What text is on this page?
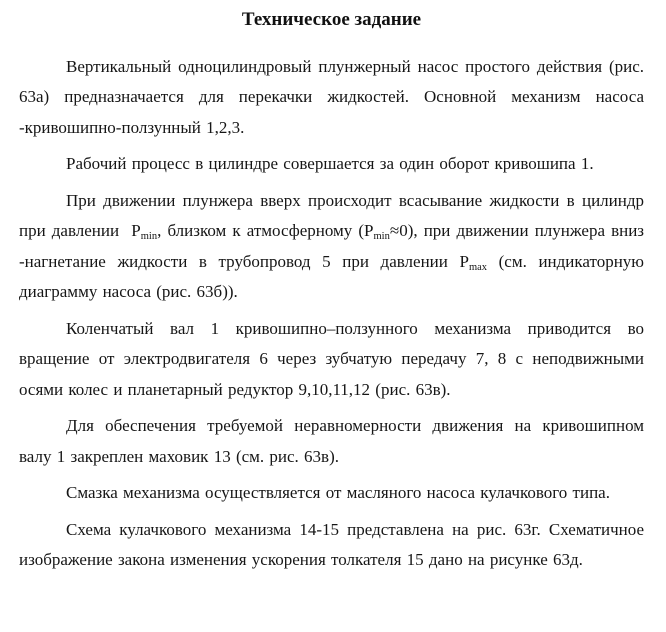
Техническое задание

Вертикальный одноцилиндровый плунжерный насос простого действия (рис. 63а) предназначается для перекачки жидкостей. Основной механизм насоса -кривошипно-ползунный 1,2,3.

Рабочий процесс в цилиндре совершается за один оборот кривошипа 1.

При движении плунжера вверх происходит всасывание жидкости в цилиндр при давлении $P_{min}$, близком к атмосферному $(P_{min}\approx 0)$, при движении плунжера вниз -нагнетание жидкости в трубопровод 5 при давлении $P_{max}$ (см. индикаторную диаграмму насоса (рис. 63б)).

Коленчатый вал 1 кривошипно–ползунного механизма приводится во вращение от электродвигателя 6 через зубчатую передачу 7, 8 с неподвижными осями колес и планетарный редуктор 9,10,11,12 (рис. 63в).

Для обеспечения требуемой неравномерности движения на кривошипном валу 1 закреплен маховик 13 (см. рис. 63в).

Смазка механизма осуществляется от масляного насоса кулачкового типа.

Схема кулачкового механизма 14-15 представлена на рис. 63г. Схематичное изображение закона изменения ускорения толкателя 15 дано на рисунке 63д.
